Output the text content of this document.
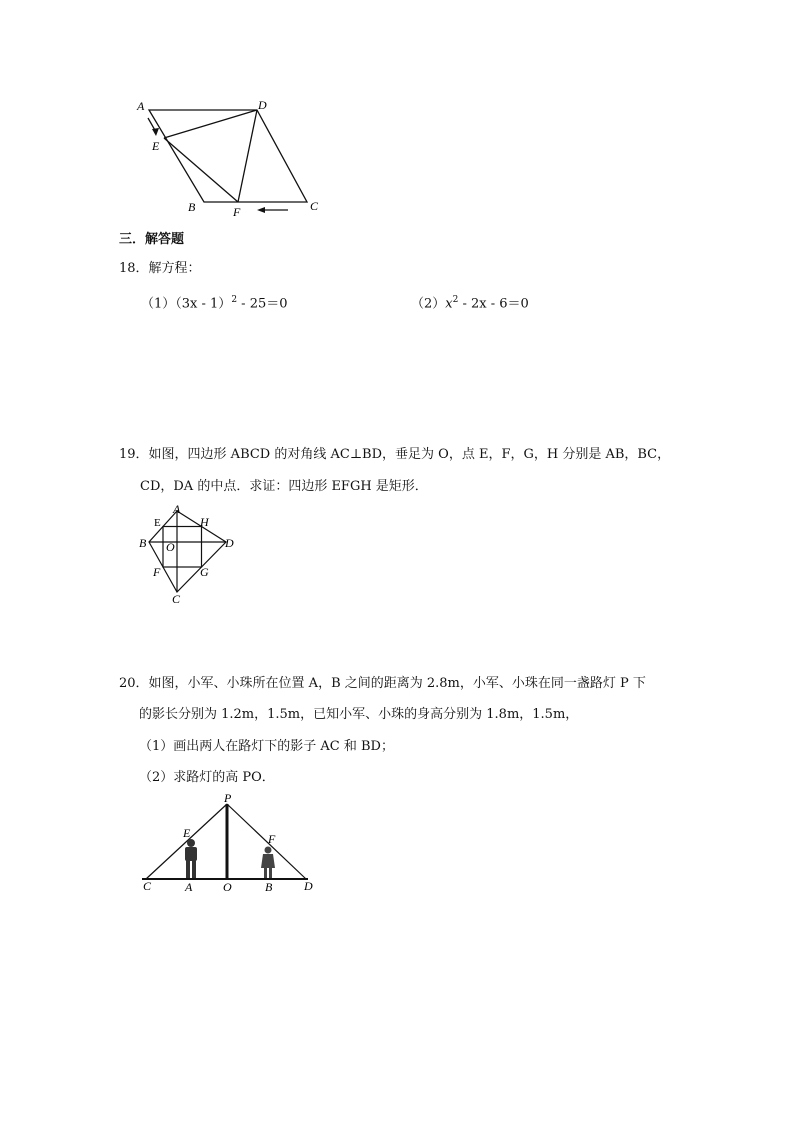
A	D
E
B	F	C
三．解答题
18．解方程：
（1）（3x - 1）$^2$ - 25＝0	$(2)x^2 - 2x - 6=0$
19．如图，四边形 ABCD 的对角线 AC⊥BD，垂足为 O，点 E，F，G，H 分别是 AB，BC，
CD，DA 的中点．求证：四边形 EFGH 是矩形．
E
A
H
B O	D
F	G
C
20．如图，小军、小珠所在位置 A，B 之间的距离为 2.8m，小军、小珠在同一盏路灯 P 下
的影长分别为 1.2m，1.5m，已知小军、小珠的身高分别为 1.8m，1.5m，
（1）画出两人在路灯下的影子 AC 和 BD；
（2）求路灯的高 PO．
P
E	F
C	A	O	B	D
